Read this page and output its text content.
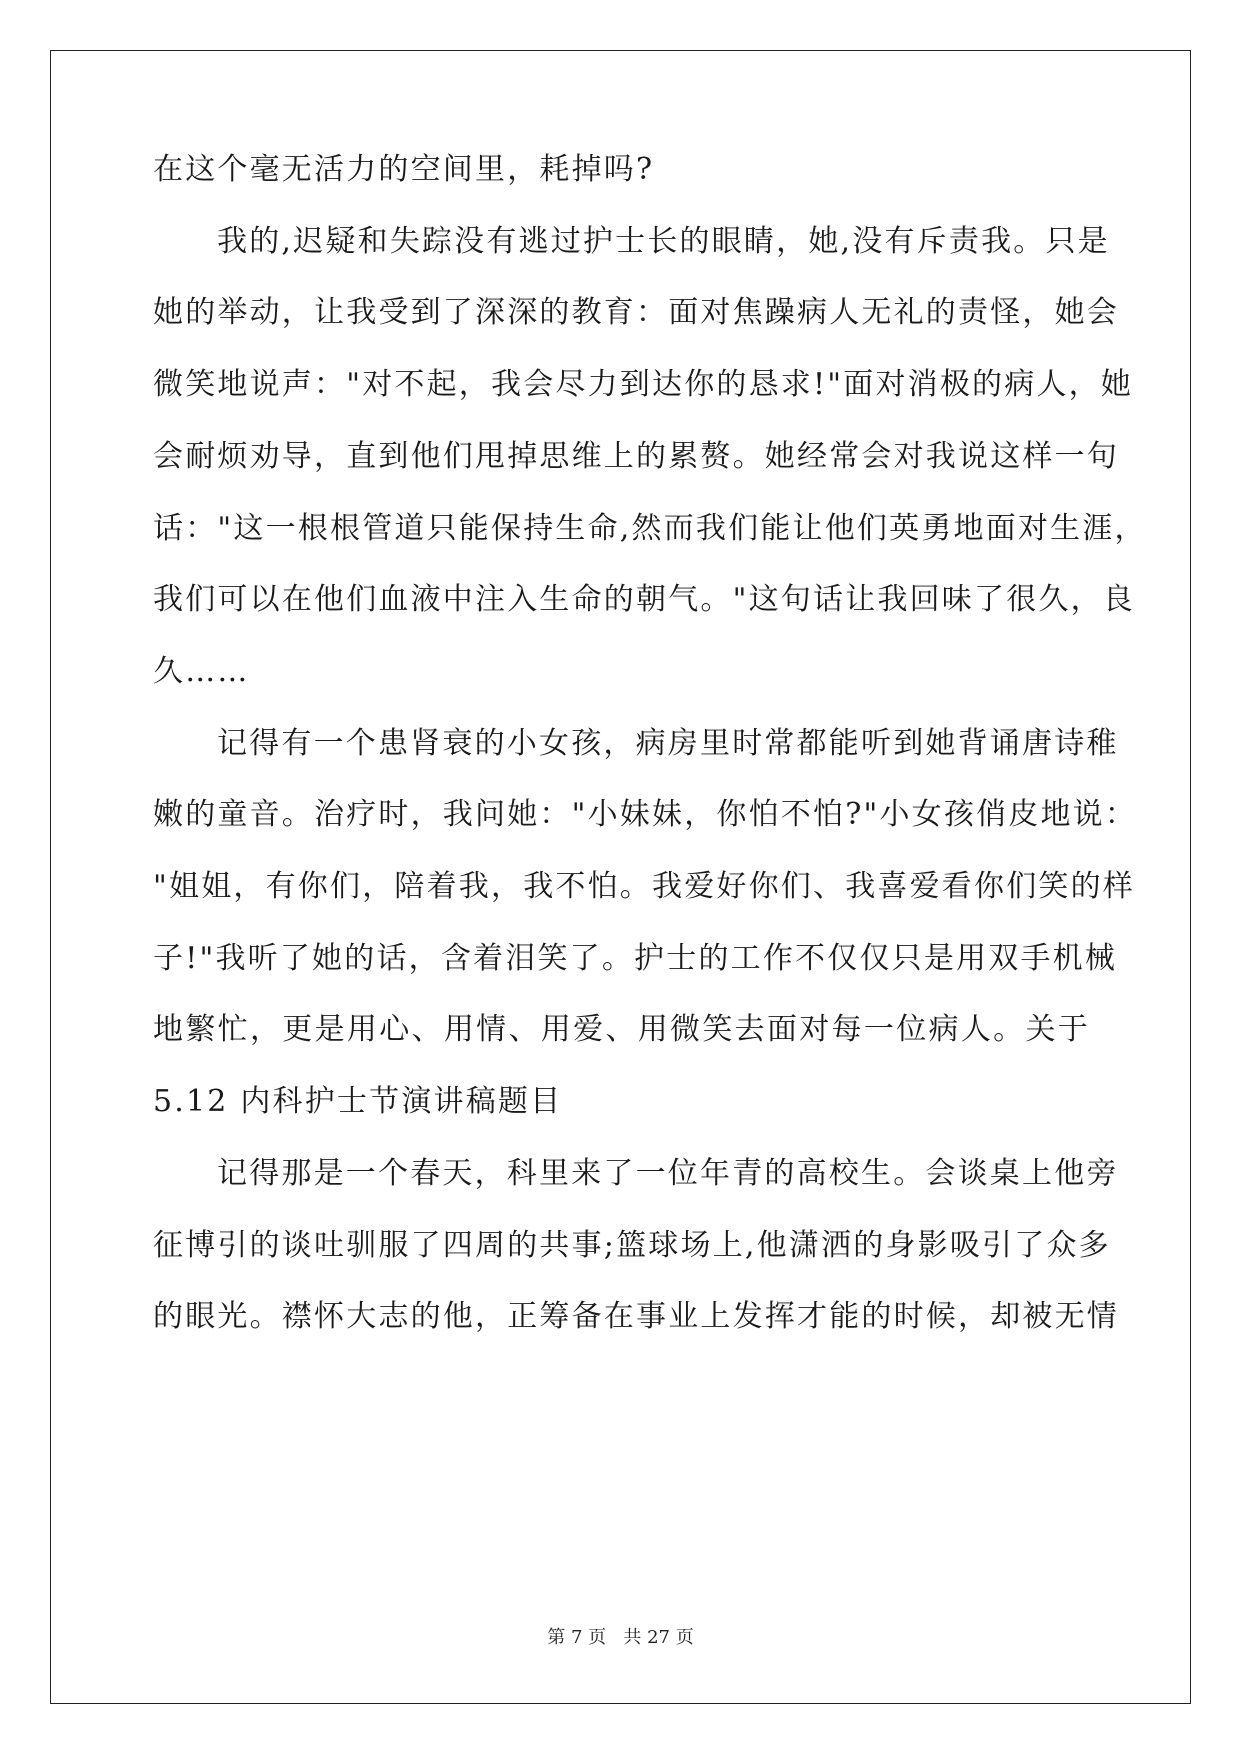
在这个毫无活力的空间里，耗掉吗?
我的,迟疑和失踪没有逃过护士长的眼睛，她,没有斥责我。只是
她的举动，让我受到了深深的教育：面对焦躁病人无礼的责怪，她会
微笑地说声："对不起，我会尽力到达你的恳求!"面对消极的病人，她
会耐烦劝导，直到他们甩掉思维上的累赘。她经常会对我说这样一句
话："这一根根管道只能保持生命,然而我们能让他们英勇地面对生涯，
我们可以在他们血液中注入生命的朝气。"这句话让我回味了很久，良
久……
记得有一个患肾衰的小女孩，病房里时常都能听到她背诵唐诗稚
嫩的童音。治疗时，我问她："小妹妹，你怕不怕?"小女孩俏皮地说：
"姐姐，有你们，陪着我，我不怕。我爱好你们、我喜爱看你们笑的样
子!"我听了她的话，含着泪笑了。护士的工作不仅仅只是用双手机械
地繁忙，更是用心、用情、用爱、用微笑去面对每一位病人。关于
5.12 内科护士节演讲稿题目
记得那是一个春天，科里来了一位年青的高校生。会谈桌上他旁
征博引的谈吐驯服了四周的共事;篮球场上,他潇洒的身影吸引了众多
的眼光。襟怀大志的他，正筹备在事业上发挥才能的时候，却被无情
第 7 页   共 27 页
